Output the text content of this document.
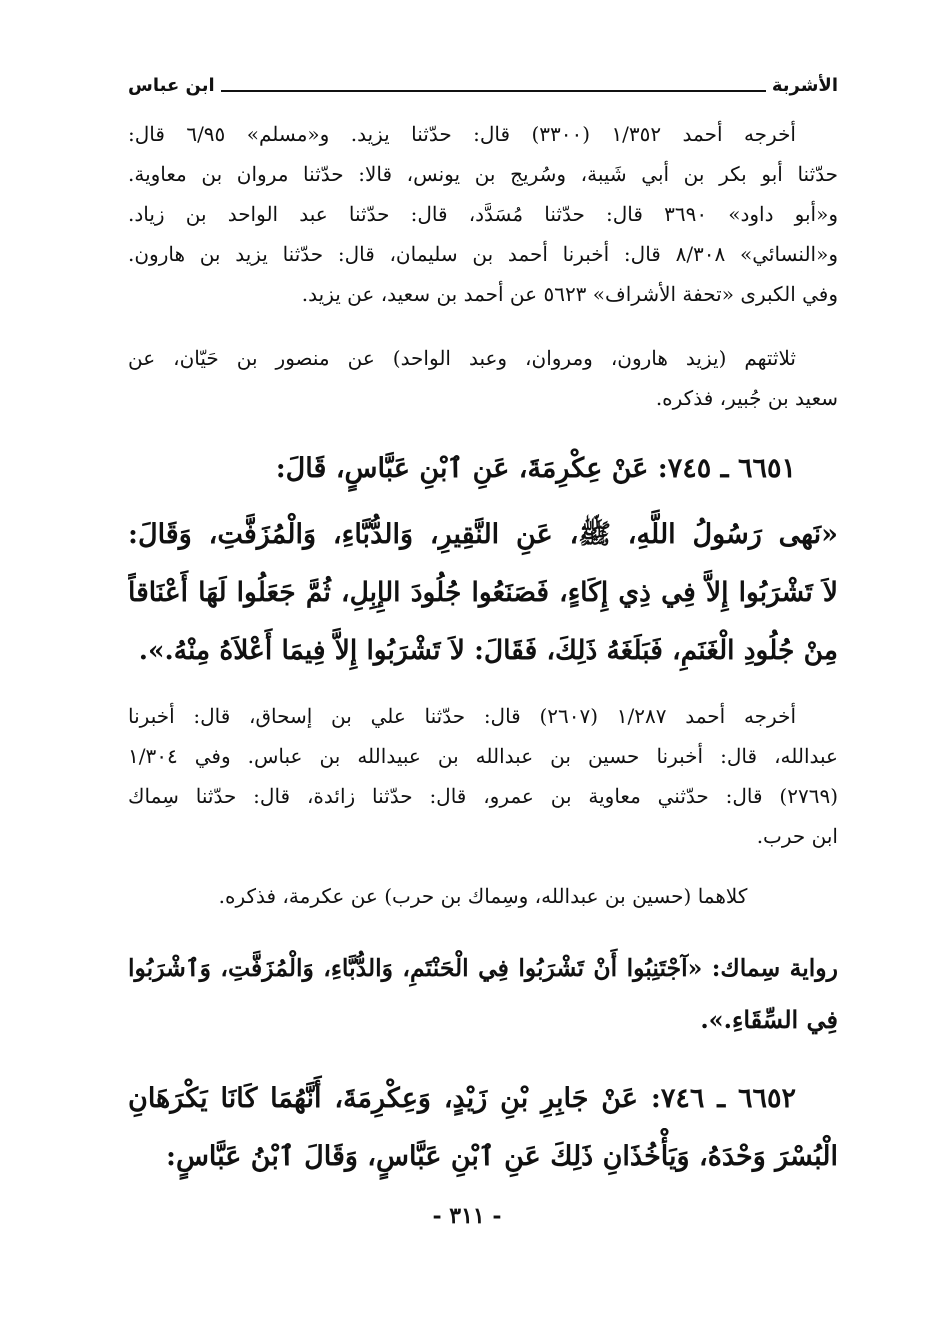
الأشربة
ابن عباس
أخرجه أحمد ١/٣٥٢ (٣٣٠٠) قال: حدّثنا يزيد. و«مسلم» ٦/٩٥ قال:
حدّثنا أبو بكر بن أبي شَيبة، وسُريج بن يونس، قالا: حدّثنا مروان بن معاوية.
و«أبو داود» ٣٦٩٠ قال: حدّثنا مُسَدَّد، قال: حدّثنا عبد الواحد بن زياد.
و«النسائي» ٨/٣٠٨ قال: أخبرنا أحمد بن سليمان، قال: حدّثنا يزيد بن هارون.
وفي الكبرى «تحفة الأشراف» ٥٦٢٣ عن أحمد بن سعيد، عن يزيد.
ثلاثتهم (يزيد هارون، ومروان، وعبد الواحد) عن منصور بن حَيّان، عن
سعيد بن جُبير، فذكره.
٦٦٥١ ـ ٧٤٥: عَنْ عِكْرِمَةَ، عَنِ ٱبْنِ عَبَّاسٍ، قَالَ:
«نَهى رَسُولُ اللَّهِ، ﷺ، عَنِ النَّقِيرِ، وَالدُّبَّاءِ، وَالْمُزَفَّتِ، وَقَالَ:
لاَ تَشْرَبُوا إِلاَّ فِي ذِي إِكَاءٍ، فَصَنَعُوا جُلُودَ الإِبِلِ، ثُمَّ جَعَلُوا لَهَا أَعْنَاقاً
مِنْ جُلُودِ الْغَنَمِ، فَبَلَغَهُ ذَلِكَ، فَقَالَ: لاَ تَشْرَبُوا إِلاَّ فِيمَا أَعْلاَهُ مِنْهُ.».
أخرجه أحمد ١/٢٨٧ (٢٦٠٧) قال: حدّثنا علي بن إسحاق، قال: أخبرنا
عبدالله، قال: أخبرنا حسين بن عبدالله بن عبيدالله بن عباس. وفي ١/٣٠٤
(٢٧٦٩) قال: حدّثني معاوية بن عمرو، قال: حدّثنا زائدة، قال: حدّثنا سِماك
ابن حرب.
كلاهما (حسين بن عبدالله، وسِماك بن حرب) عن عكرمة، فذكره.
رواية سِماك: «آجْتَنِبُوا أَنْ تَشْرَبُوا فِي الْحَنْتَمِ، وَالدُّبَّاءِ، وَالْمُزَفَّتِ، وَٱشْرَبُوا
فِي السِّقَاءِ.».
٦٦٥٢ ـ ٧٤٦: عَنْ جَابِرِ بْنِ زَيْدٍ، وَعِكْرِمَةَ، أَنَّهُمَا كَانَا يَكْرَهَانِ
الْبُسْرَ وَحْدَهُ، وَيَأْخُذَانِ ذَلِكَ عَنِ ٱبْنِ عَبَّاسٍ، وَقَالَ ٱبْنُ عَبَّاسٍ:
- ٣١١ -
